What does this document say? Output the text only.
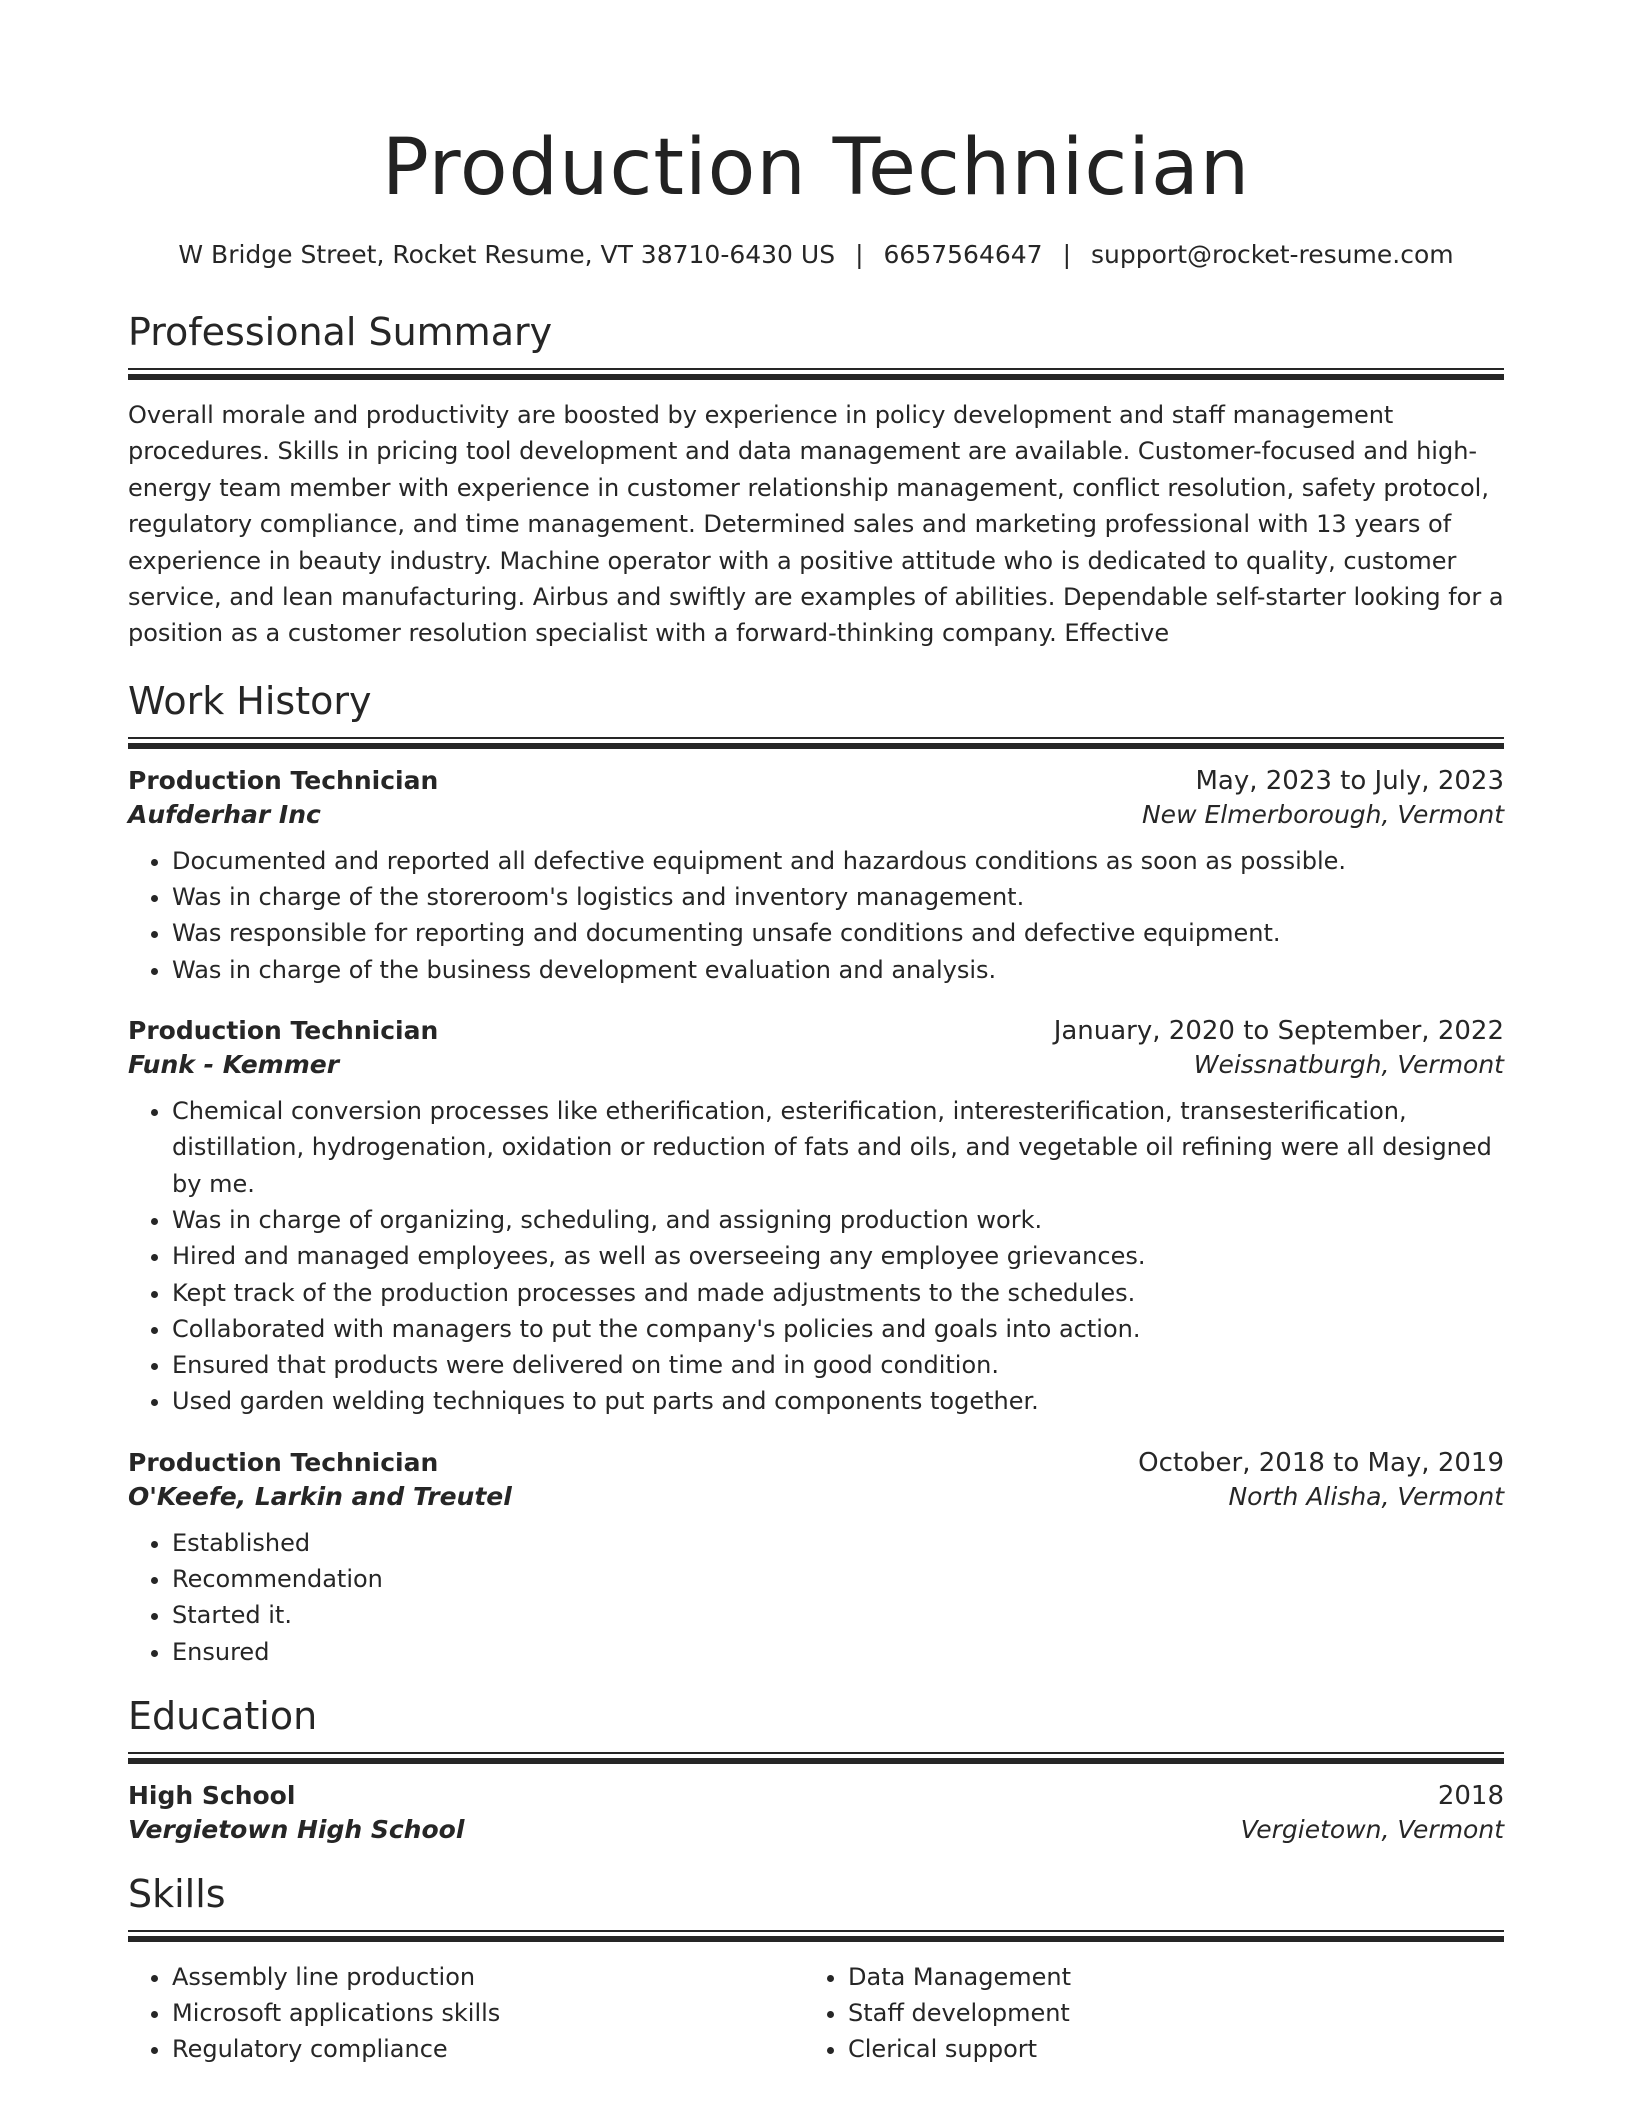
Production Technician
W Bridge Street, Rocket Resume, VT 38710-6430 US | 6657564647 | support@rocket-resume.com
Professional Summary

Overall morale and productivity are boosted by experience in policy development and staff management procedures. Skills in pricing tool development and data management are available. Customer-focused and high-energy team member with experience in customer relationship management, conflict resolution, safety protocol, regulatory compliance, and time management. Determined sales and marketing professional with 13 years of experience in beauty industry. Machine operator with a positive attitude who is dedicated to quality, customer service, and lean manufacturing. Airbus and swiftly are examples of abilities. Dependable self-starter looking for a position as a customer resolution specialist with a forward-thinking company. Effective

Work History
Production Technician	May, 2023 to July, 2023
Aufderhar Inc	New Elmerborough, Vermont
• Documented and reported all defective equipment and hazardous conditions as soon as possible.
• Was in charge of the storeroom's logistics and inventory management.
• Was responsible for reporting and documenting unsafe conditions and defective equipment.
• Was in charge of the business development evaluation and analysis.
Production Technician	January, 2020 to September, 2022
Funk - Kemmer	Weissnatburgh, Vermont
• Chemical conversion processes like etherification, esterification, interesterification, transesterification, distillation, hydrogenation, oxidation or reduction of fats and oils, and vegetable oil refining were all designed by me.
• Was in charge of organizing, scheduling, and assigning production work.
• Hired and managed employees, as well as overseeing any employee grievances.
• Kept track of the production processes and made adjustments to the schedules.
• Collaborated with managers to put the company's policies and goals into action.
• Ensured that products were delivered on time and in good condition.
• Used garden welding techniques to put parts and components together.
Production Technician	October, 2018 to May, 2019
O'Keefe, Larkin and Treutel	North Alisha, Vermont
• Established
• Recommendation
• Started it.
• Ensured
Education
High School	2018
Vergietown High School	Vergietown, Vermont
Skills
• Assembly line production
• Microsoft applications skills
• Regulatory compliance
• Data Management
• Staff development
• Clerical support
